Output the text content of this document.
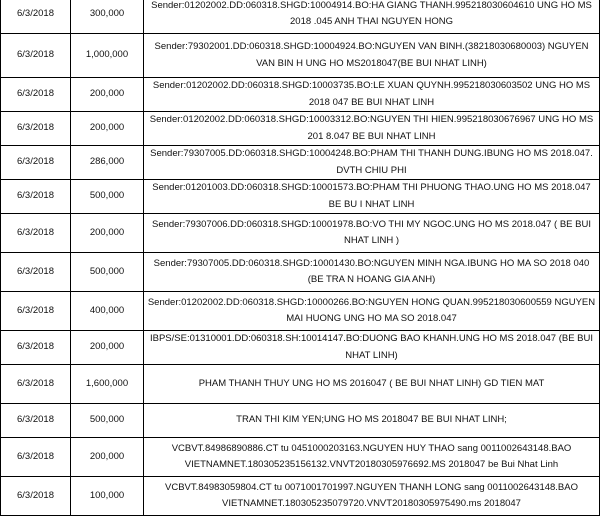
6/3/2018	300,000	Sender:01202002.DD:060318.SHGD:10004914.BO:HA GIANG THANH.995218030604610 UNG HO MS 2018 .045 ANH THAI NGUYEN HONG
6/3/2018	1,000,000	Sender:79302001.DD:060318.SHGD:10004924.BO:NGUYEN VAN BINH.(38218030680003) NGUYEN VAN BIN H UNG HO MS2018047(BE BUI NHAT LINH)
6/3/2018	200,000	Sender:01202002.DD:060318.SHGD:10003735.BO:LE XUAN QUYNH.995218030603502 UNG HO MS 2018 047 BE BUI NHAT LINH
6/3/2018	200,000	Sender:01202002.DD:060318.SHGD:10003312.BO:NGUYEN THI HIEN.995218030676967 UNG HO MS 201 8.047 BE BUI NHAT LINH
6/3/2018	286,000	Sender:79307005.DD:060318.SHGD:10004248.BO:PHAM THI THANH DUNG.IBUNG HO MS 2018.047. DVTH CHIU PHI
6/3/2018	500,000	Sender:01201003.DD:060318.SHGD:10001573.BO:PHAM THI PHUONG THAO.UNG HO MS 2018.047 BE BU I NHAT LINH
6/3/2018	200,000	Sender:79307006.DD:060318.SHGD:10001978.BO:VO THI MY NGOC.UNG HO MS 2018.047 ( BE BUI NHAT LINH )
6/3/2018	500,000	Sender:79307005.DD:060318.SHGD:10001430.BO:NGUYEN MINH NGA.IBUNG HO MA SO 2018 040 (BE TRA N HOANG GIA ANH)
6/3/2018	400,000	Sender:01202002.DD:060318.SHGD:10000266.BO:NGUYEN HONG QUAN.995218030600559 NGUYEN MAI HUONG UNG HO MA SO 2018.047
6/3/2018	200,000	IBPS/SE:01310001.DD:060318.SH:10014147.BO:DUONG BAO KHANH.UNG HO MS 2018.047 (BE BUI NHAT LINH)
6/3/2018	1,600,000	PHAM THANH THUY UNG HO MS 2016047 ( BE BUI NHAT LINH) GD TIEN MAT
6/3/2018	500,000	TRAN THI KIM YEN;UNG HO MS 2018047 BE BUI NHAT LINH;
6/3/2018	200,000	VCBVT.84986890886.CT tu 0451000203163.NGUYEN HUY THAO sang 0011002643148.BAO VIETNAMNET.180305235156132.VNVT20180305976692.MS 2018047 be Bui Nhat Linh
6/3/2018	100,000	VCBVT.84983059804.CT tu 0071001701997.NGUYEN THANH LONG sang 0011002643148.BAO VIETNAMNET.180305235079720.VNVT20180305975490.ms 2018047
